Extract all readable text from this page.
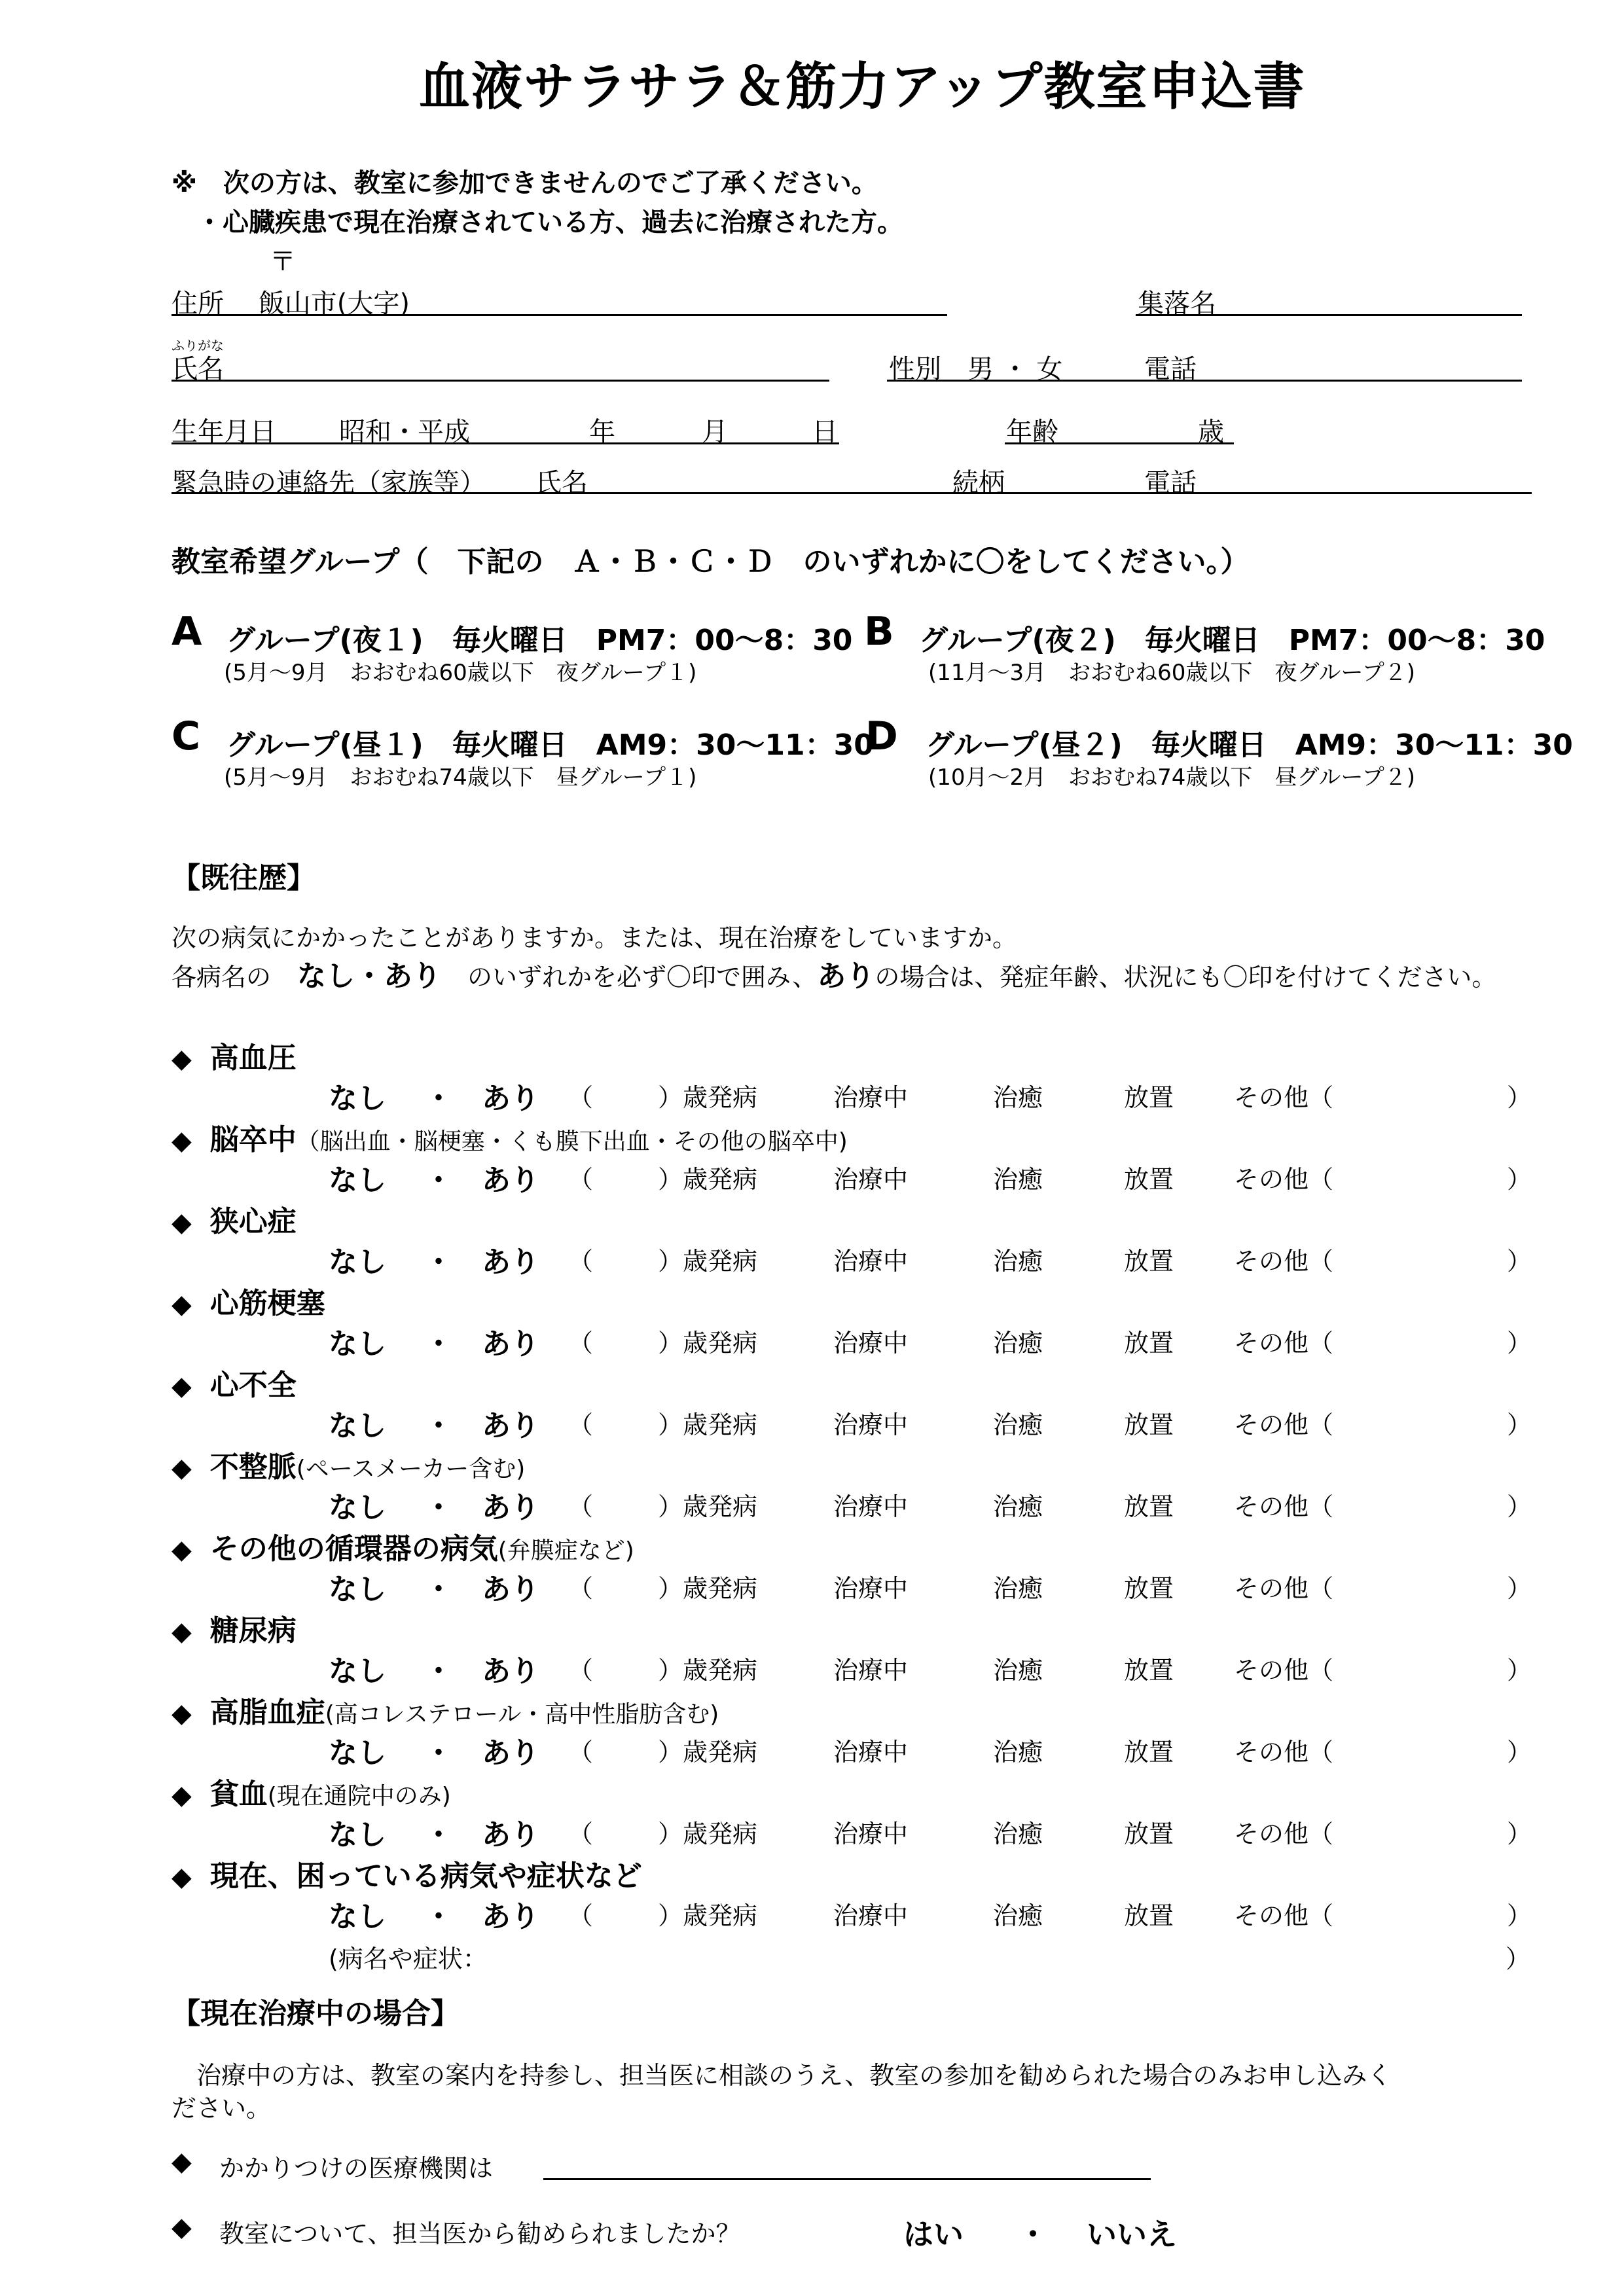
血液サラサラ＆筋力アップ教室申込書
※　次の方は、教室に参加できませんのでご了承ください。
・心臓疾患で現在治療されている方、過去に治療された方。
〒
住所　 飯山市(大字)	集落名
ふりがな
氏名	性別　男 ・ 女	電話
生年月日 昭和・平成	年	月	日	年齢	歳
緊急時の連絡先（家族等） 氏名	続柄	電話
教室希望グループ（　下記の　Ａ・Ｂ・Ｃ・Ｄ　のいずれかに〇をしてください。）
A グループ(夜１)　毎火曜日　PM7：00～8：30
(5月～9月　おおむね60歳以下　夜グループ１)
B グループ(夜２)　毎火曜日　PM7：00～8：30
(11月～3月　おおむね60歳以下　夜グループ２)
C グループ(昼１)　毎火曜日　AM9：30～11：30
(5月～9月　おおむね74歳以下　昼グループ１)
D グループ(昼２)　毎火曜日　AM9：30～11：30
(10月～2月　おおむね74歳以下　昼グループ２)
【既往歴】
次の病気にかかったことがありますか。または、現在治療をしていますか。
各病名の なし・あり のいずれかを必ず〇印で囲み、ありの場合は、発症年齢、状況にも〇印を付けてください。
◆ 高血圧
なし ・ あり （	）歳発病	治療中	治癒	放置 その他（	）
◆ 脳卒中（脳出血・脳梗塞・くも膜下出血・その他の脳卒中)
なし ・ あり （	）歳発病	治療中	治癒	放置 その他（	）
◆ 狭心症
なし ・ あり （	）歳発病	治療中	治癒	放置 その他（	）
◆ 心筋梗塞
なし ・ あり （	）歳発病	治療中	治癒	放置 その他（	）
◆ 心不全
なし ・ あり （	）歳発病	治療中	治癒	放置 その他（	）
◆ 不整脈(ペースメーカー含む)
なし ・ あり （	）歳発病	治療中	治癒	放置 その他（	）
◆ その他の循環器の病気(弁膜症など)
なし ・ あり （	）歳発病	治療中	治癒	放置 その他（	）
◆ 糖尿病
なし ・ あり （	）歳発病	治療中	治癒	放置 その他（	）
◆ 高脂血症(高コレステロール・高中性脂肪含む)
なし ・ あり （	）歳発病	治療中	治癒	放置 その他（	）
◆ 貧血(現在通院中のみ)
なし ・ あり （	）歳発病	治療中	治癒	放置 その他（	）
◆ 現在、困っている病気や症状など
なし ・ あり （	）歳発病	治療中	治癒	放置 その他（	）
(病名や症状：	）
【現在治療中の場合】
治療中の方は、教室の案内を持参し、担当医に相談のうえ、教室の参加を勧められた場合のみお申し込みく
ださい。
◆ かかりつけの医療機関は
◆ 教室について、担当医から勧められましたか？	はい ・ いいえ
